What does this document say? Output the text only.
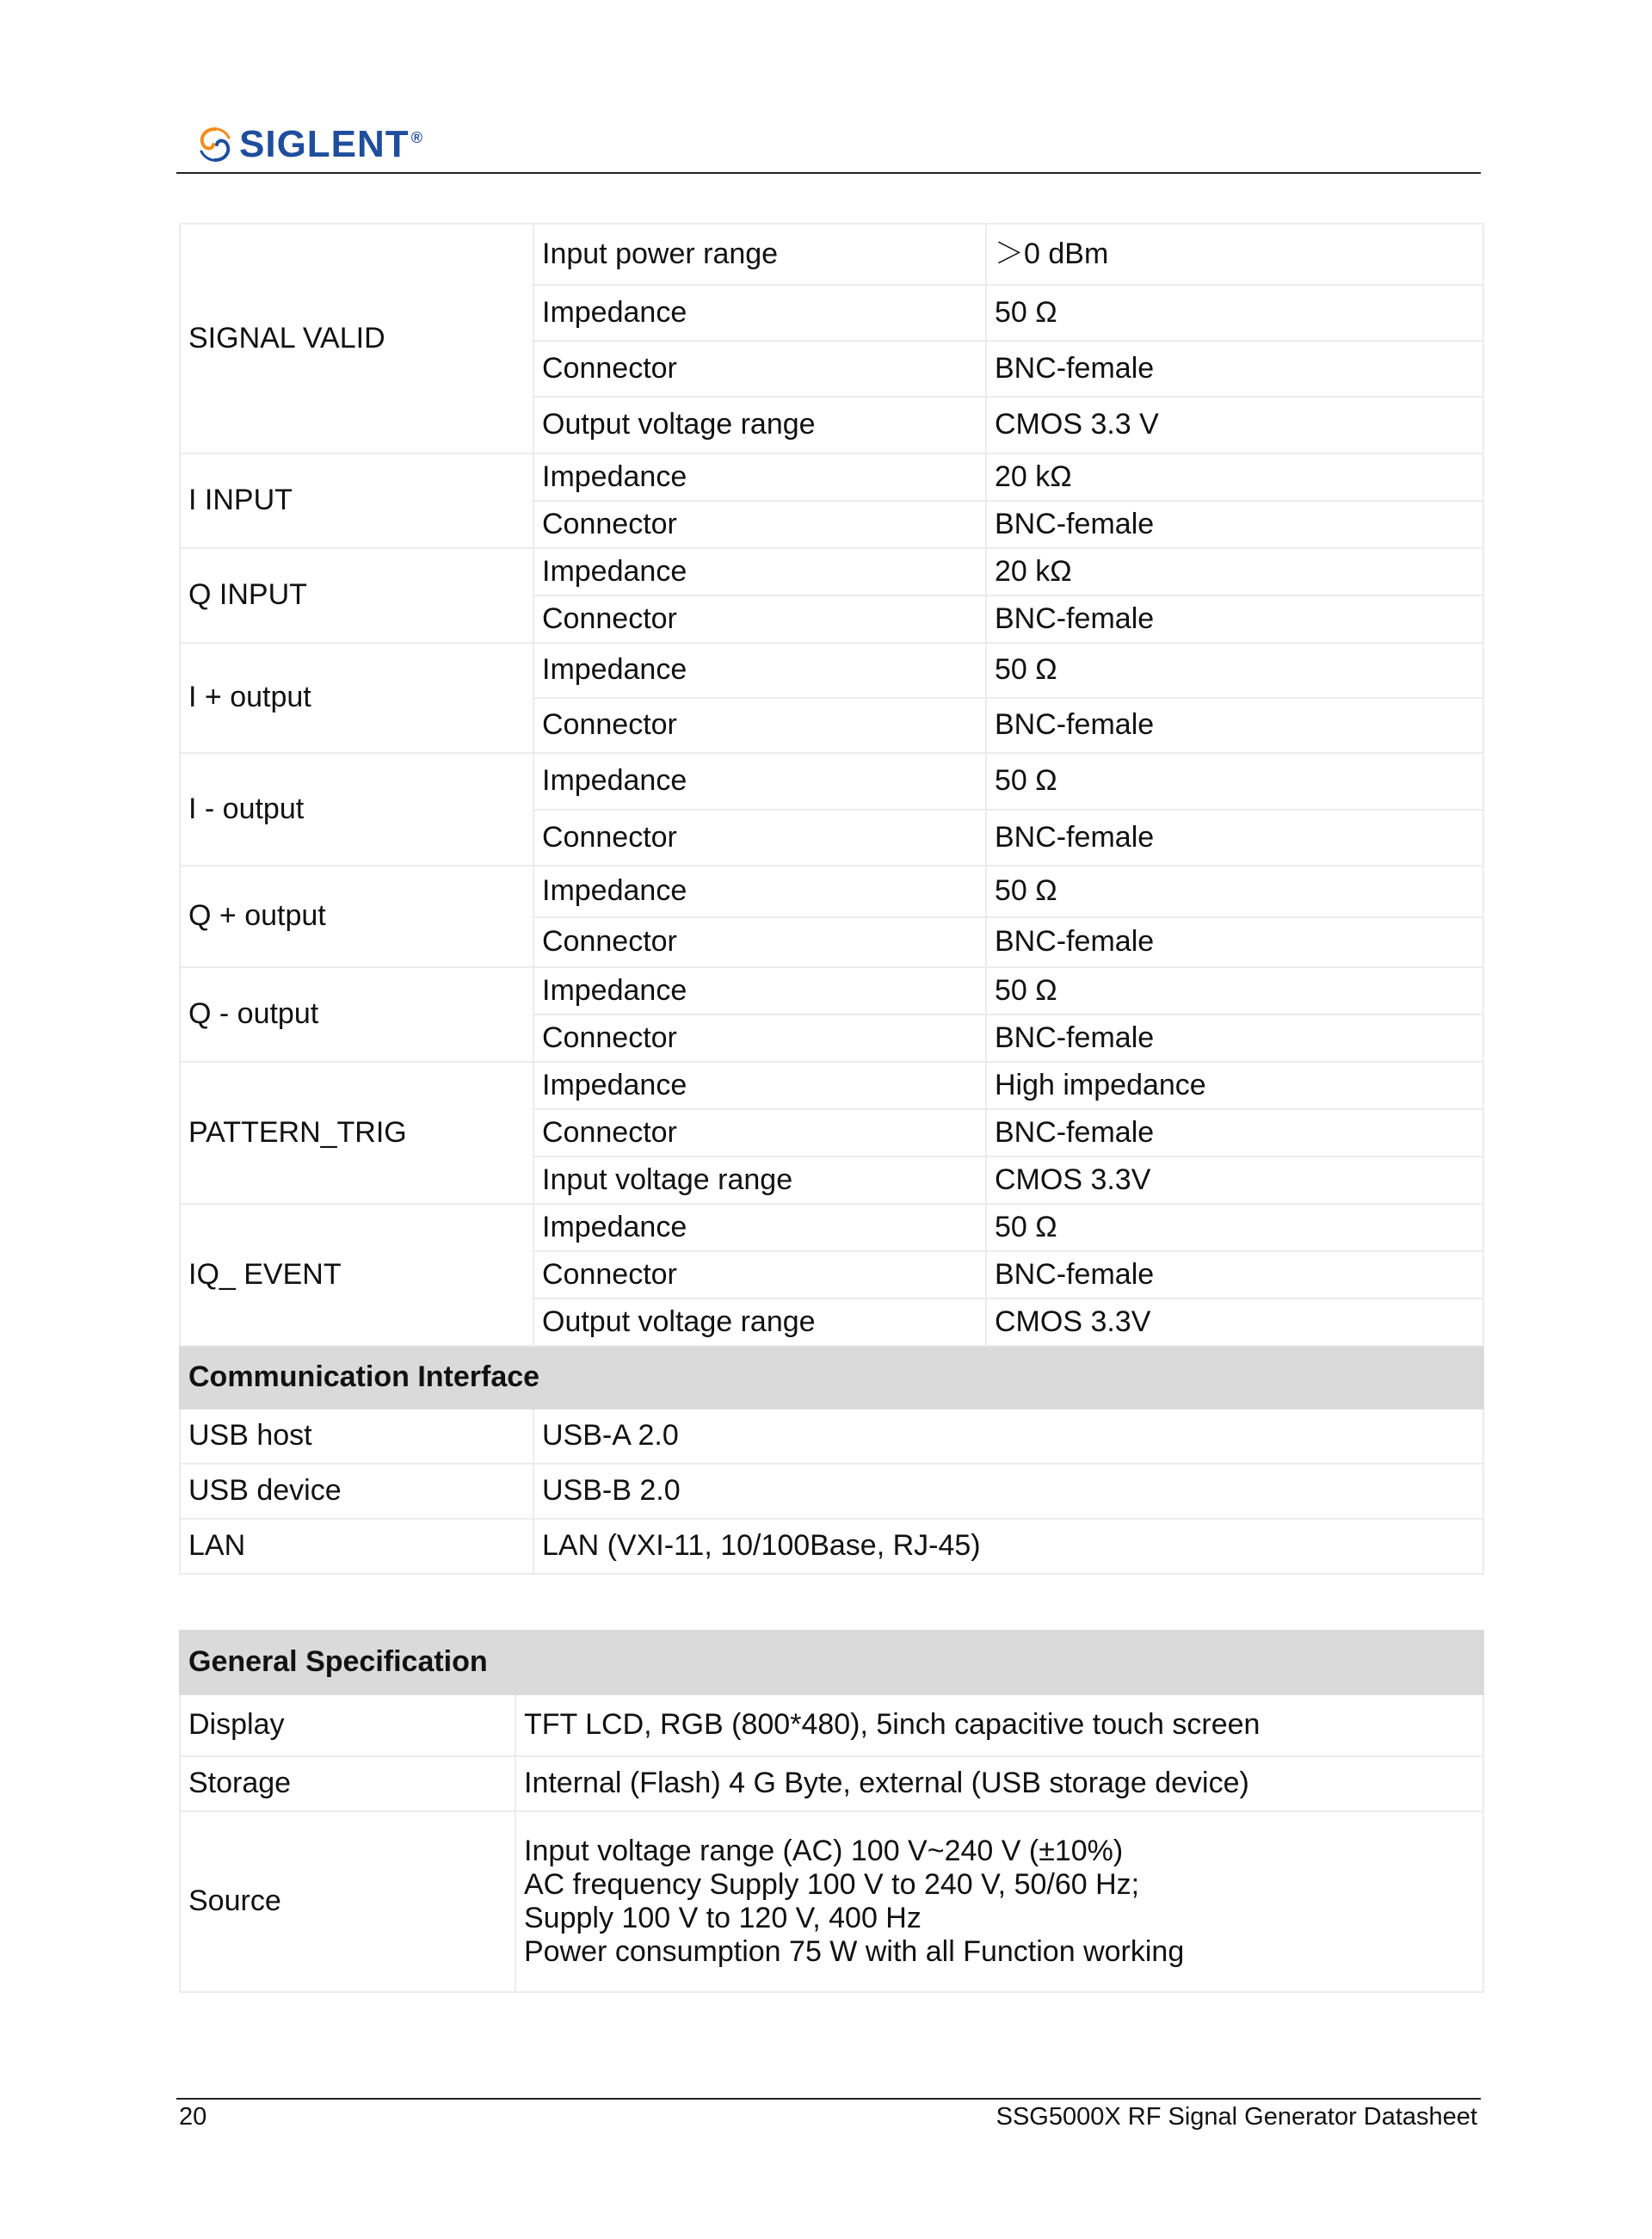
SIGLENT ®
SIGNAL VALID	Input power range	＞0 dBm
	Impedance	50 Ω
	Connector	BNC-female
	Output voltage range	CMOS 3.3 V
I INPUT	Impedance	20 kΩ
	Connector	BNC-female
Q INPUT	Impedance	20 kΩ
	Connector	BNC-female
I + output	Impedance	50 Ω
	Connector	BNC-female
I - output	Impedance	50 Ω
	Connector	BNC-female
Q + output	Impedance	50 Ω
	Connector	BNC-female
Q - output	Impedance	50 Ω
	Connector	BNC-female
PATTERN_TRIG	Impedance	High impedance
	Connector	BNC-female
	Input voltage range	CMOS 3.3V
IQ_ EVENT	Impedance	50 Ω
	Connector	BNC-female
	Output voltage range	CMOS 3.3V
Communication Interface		
USB host	USB-A 2.0	
USB device	USB-B 2.0	
LAN	LAN (VXI-11, 10/100Base, RJ-45)	
General Specification	
Display	TFT LCD, RGB (800*480), 5inch capacitive touch screen
Storage	Internal (Flash) 4 G Byte, external (USB storage device)
Source	Input voltage range (AC) 100 V~240 V (±10%)
AC frequency Supply 100 V to 240 V, 50/60 Hz;
Supply 100 V to 120 V, 400 Hz
Power consumption 75 W with all Function working
20	SSG5000X RF Signal Generator Datasheet
